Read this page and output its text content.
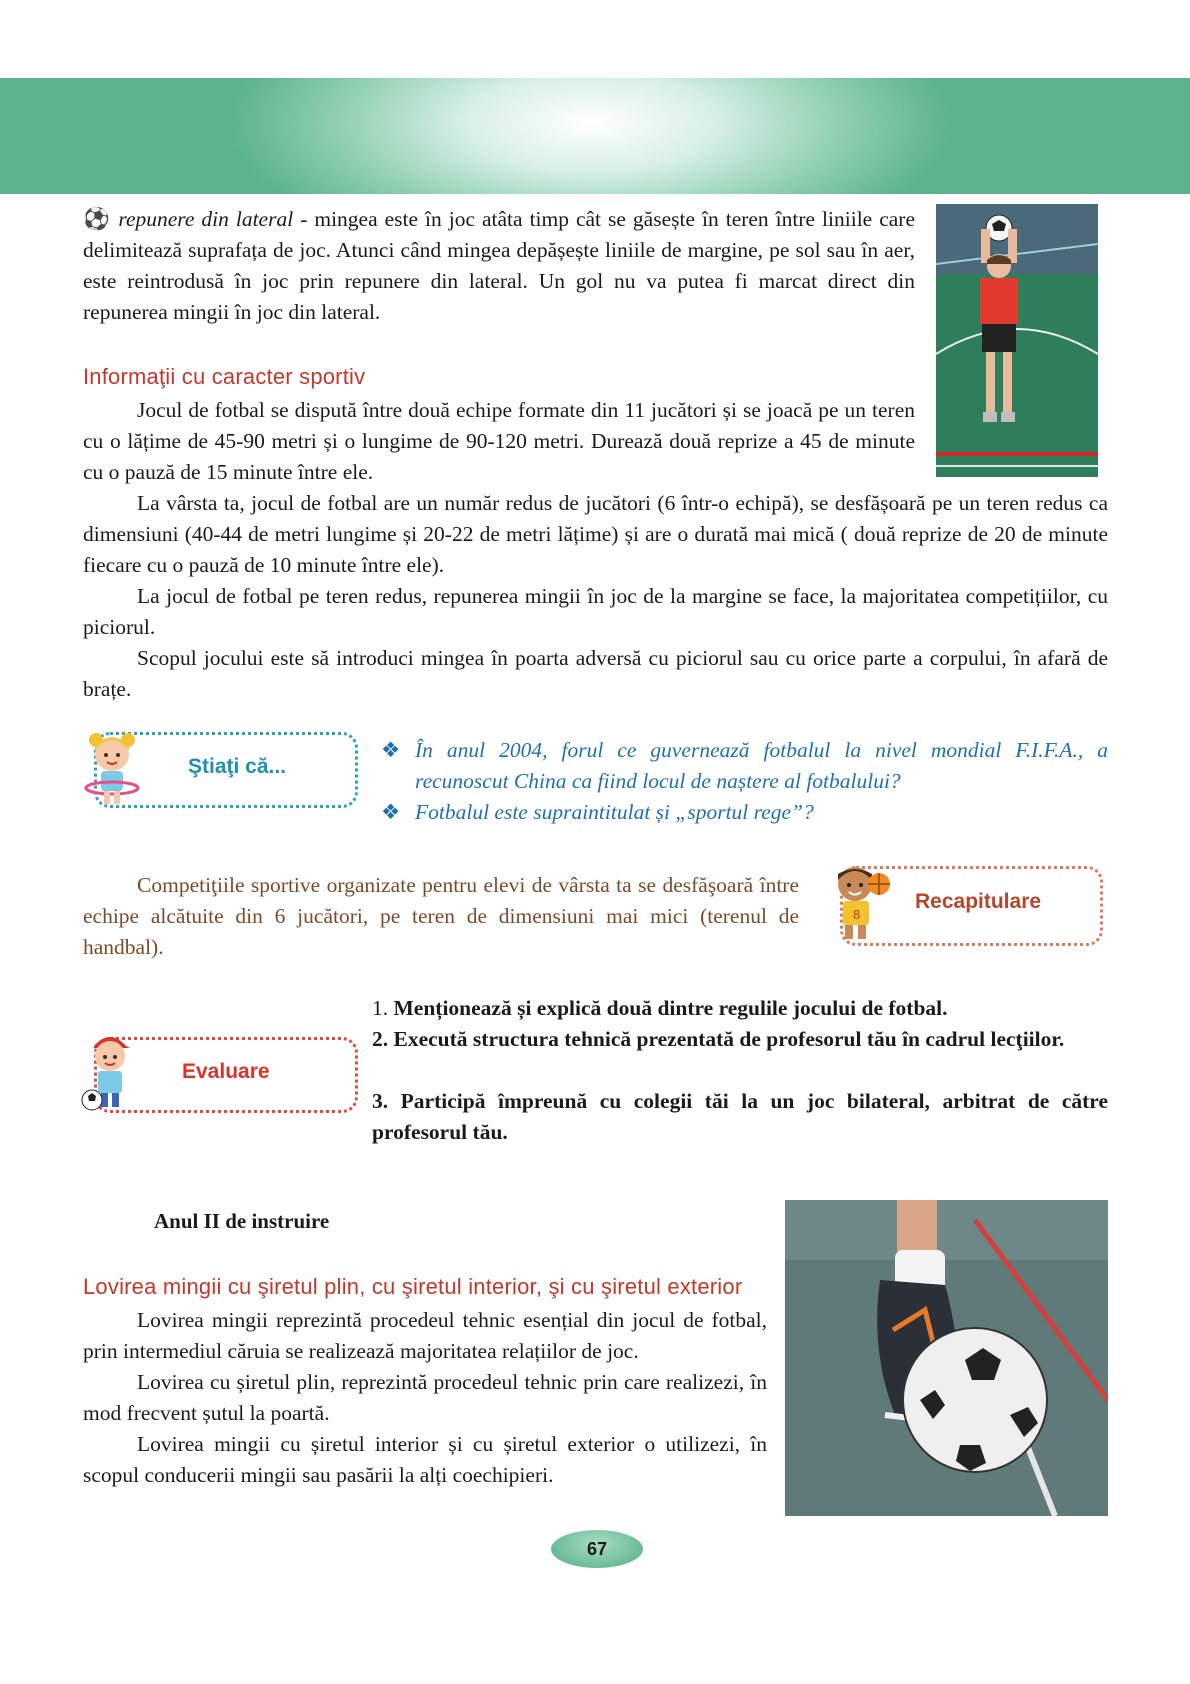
⚽ repunere din lateral - mingea este în joc atâta timp cât se găsește în teren între liniile care delimitează suprafața de joc. Atunci când mingea depășește liniile de margine, pe sol sau în aer, este reintrodusă în joc prin repunere din lateral. Un gol nu va putea fi marcat direct din repunerea mingii în joc din lateral.

Informaţii cu caracter sportiv

Jocul de fotbal se dispută între două echipe formate din 11 jucători și se joacă pe un teren cu o lățime de 45-90 metri și o lungime de 90-120 metri. Durează două reprize a 45 de minute cu o pauză de 15 minute între ele.

La vârsta ta, jocul de fotbal are un număr redus de jucători (6 într-o echipă), se desfășoară pe un teren redus ca dimensiuni (40-44 de metri lungime și 20-22 de metri lățime) și are o durată mai mică ( două reprize de 20 de minute fiecare cu o pauză de 10 minute între ele).

La jocul de fotbal pe teren redus, repunerea mingii în joc de la margine se face, la majoritatea competițiilor, cu piciorul.

Scopul jocului este să introduci mingea în poarta adversă cu piciorul sau cu orice parte a corpului, în afară de brațe.

Ştiaţi că...
❖ În anul 2004, forul ce guvernează fotbalul la nivel mondial F.I.F.A., a recunoscut China ca fiind locul de naștere al fotbalului?
❖ Fotbalul este supraintitulat și „sportul rege”?

Competiţiile sportive organizate pentru elevi de vârsta ta se desfăşoară între echipe alcătuite din 6 jucători, pe teren de dimensiuni mai mici (terenul de handbal).

8
Recapitulare
Evaluare
1. Menționează și explică două dintre regulile jocului de fotbal.
2. Execută structura tehnică prezentată de profesorul tău în cadrul lecţiilor.
3. Participă împreună cu colegii tăi la un joc bilateral, arbitrat de către profesorul tău.
Anul II de instruire
Lovirea mingii cu şiretul plin, cu şiretul interior, şi cu şiretul exterior

Lovirea mingii reprezintă procedeul tehnic esențial din jocul de fotbal, prin intermediul căruia se realizează majoritatea relațiilor de joc.

Lovirea cu șiretul plin, reprezintă procedeul tehnic prin care realizezi, în mod frecvent șutul la poartă.

Lovirea mingii cu șiretul interior și cu șiretul exterior o utilizezi, în scopul conducerii mingii sau pasării la alți coechipieri.

67
